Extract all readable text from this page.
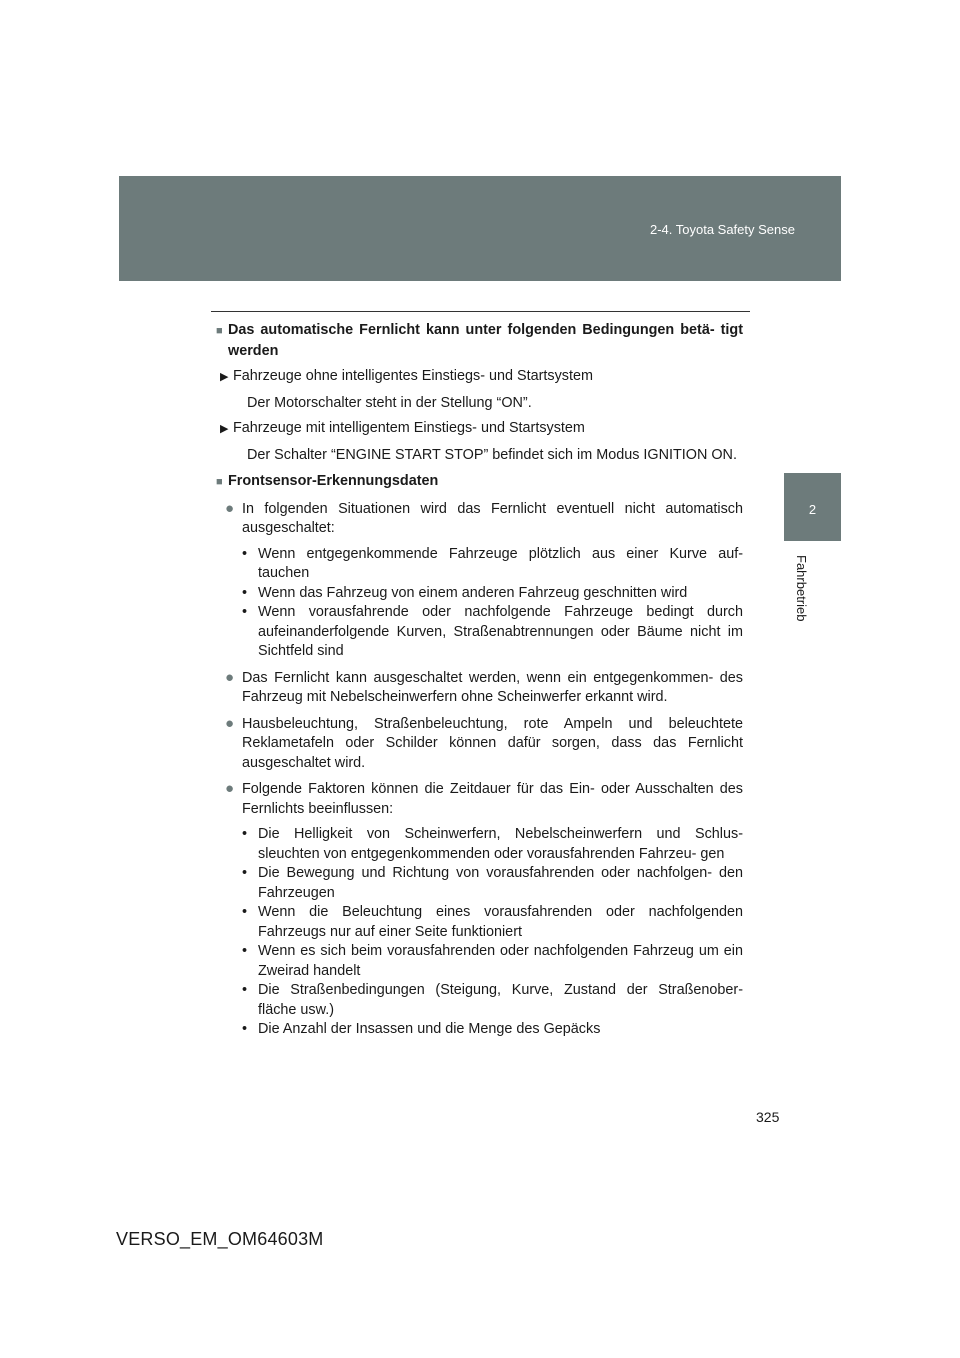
2-4. Toyota Safety Sense
2
Fahrbetrieb

■ Das automatische Fernlicht kann unter folgenden Bedingungen betä- tigt werden

▶ Fahrzeuge ohne intelligentes Einstiegs- und Startsystem

Der Motorschalter steht in der Stellung “ON”.

▶ Fahrzeuge mit intelligentem Einstiegs- und Startsystem

Der Schalter “ENGINE START STOP” befindet sich im Modus IGNITION ON.

■ Frontsensor-Erkennungsdaten

● In folgenden Situationen wird das Fernlicht eventuell nicht automatisch ausgeschaltet:

• Wenn entgegenkommende Fahrzeuge plötzlich aus einer Kurve auf- tauchen
• Wenn das Fahrzeug von einem anderen Fahrzeug geschnitten wird
• Wenn vorausfahrende oder nachfolgende Fahrzeuge bedingt durch aufeinanderfolgende Kurven, Straßenabtrennungen oder Bäume nicht im Sichtfeld sind

● Das Fernlicht kann ausgeschaltet werden, wenn ein entgegenkommen- des Fahrzeug mit Nebelscheinwerfern ohne Scheinwerfer erkannt wird.

● Hausbeleuchtung, Straßenbeleuchtung, rote Ampeln und beleuchtete Reklametafeln oder Schilder können dafür sorgen, dass das Fernlicht ausgeschaltet wird.

● Folgende Faktoren können die Zeitdauer für das Ein- oder Ausschalten des Fernlichts beeinflussen:

• Die Helligkeit von Scheinwerfern, Nebelscheinwerfern und Schlus- sleuchten von entgegenkommenden oder vorausfahrenden Fahrzeu- gen
• Die Bewegung und Richtung von vorausfahrenden oder nachfolgen- den Fahrzeugen
• Wenn die Beleuchtung eines vorausfahrenden oder nachfolgenden Fahrzeugs nur auf einer Seite funktioniert
• Wenn es sich beim vorausfahrenden oder nachfolgenden Fahrzeug um ein Zweirad handelt
• Die Straßenbedingungen (Steigung, Kurve, Zustand der Straßenober- fläche usw.)
• Die Anzahl der Insassen und die Menge des Gepäcks
325
VERSO_EM_OM64603M
